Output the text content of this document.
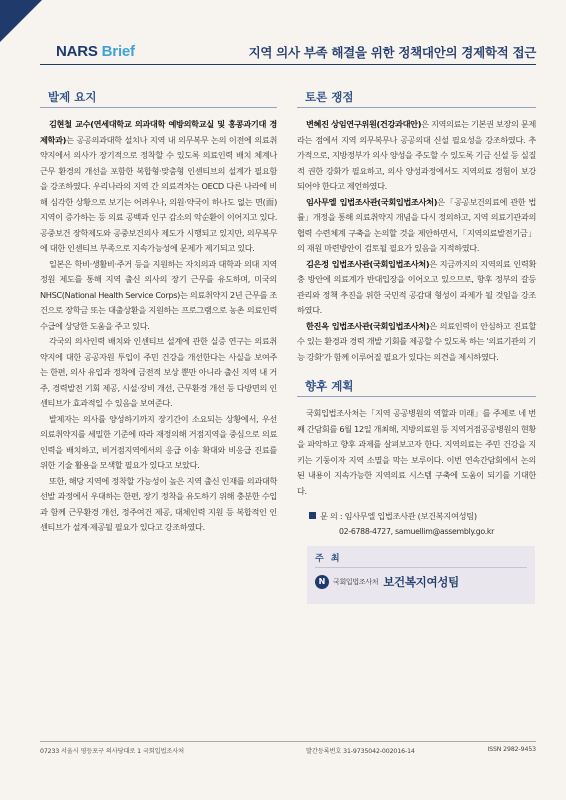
NARS Brief	지역 의사 부족 해결을 위한 정책대안의 경제학적 접근
발제 요지

김현철 교수(연세대학교 의과대학 예방의학교실 및 홍콩과기대 경제학과)는 공공의과대학 설치나 지역 내 의무복무 논의 이전에 의료취약지에서 의사가 장기적으로 정착할 수 있도록 의료인력 배치 체계나 근무 환경의 개선을 포함한 복합형·맞춤형 인센티브의 설계가 필요함을 강조하였다. 우리나라의 지역 간 의료격차는 OECD 다른 나라에 비해 심각한 상황으로 보기는 어려우나, 의원·약국이 하나도 없는 면(面) 지역이 증가하는 등 의료 공백과 인구 감소의 악순환이 이어지고 있다. 공중보건 장학제도와 공중보건의사 제도가 시행되고 있지만, 의무복무에 대한 인센티브 부족으로 지속가능성에 문제가 제기되고 있다.

일본은 학비·생활비·주거 등을 지원하는 자치의과 대학과 의대 지역정원 제도를 통해 지역 출신 의사의 장기 근무를 유도하며, 미국의 NHSC(National Health Service Corps)는 의료취약지 2년 근무를 조건으로 장학금 또는 대출상환을 지원하는 프로그램으로 농촌 의료인력 수급에 상당한 도움을 주고 있다.

각국의 의사인력 배치와 인센티브 설계에 관한 실증 연구는 의료취약지에 대한 공공자원 투입이 주민 건강을 개선한다는 사실을 보여주는 한편, 의사 유입과 정착에 금전적 보상 뿐만 아니라 출신 지역 내 거주, 경력발전 기회 제공, 시설·장비 개선, 근무환경 개선 등 다방면의 인센티브가 효과적일 수 있음을 보여준다.

발제자는 의사를 양성하기까지 장기간이 소요되는 상황에서, 우선 의료취약지를 세밀한 기준에 따라 재정의해 거점지역을 중심으로 의료인력을 배치하고, 비거점지역에서의 응급 이송 확대와 비응급 진료를 위한 기술 활용을 모색할 필요가 있다고 보았다.

또한, 해당 지역에 정착할 가능성이 높은 지역 출신 인재를 의과대학 선발 과정에서 우대하는 한편, 장기 정착을 유도하기 위해 충분한 수입과 함께 근무환경 개선, 정주여건 제공, 대체인력 지원 등 복합적인 인센티브가 설계·제공될 필요가 있다고 강조하였다.

토론 쟁점

변혜진 상임연구위원(건강과대안)은 지역의료는 기본권 보장의 문제라는 점에서 지역 의무복무나 공공의대 신설 필요성을 강조하였다. 추가적으로, 지방정부가 의사 양성을 주도할 수 있도록 기금 신설 등 실질적 권한 강화가 필요하고, 의사 양성과정에서도 지역의료 경험이 보강되어야 한다고 제언하였다.

임사무엘 입법조사관(국회입법조사처)은「공공보건의료에 관한 법률」개정을 통해 의료취약지 개념을 다시 정의하고, 지역 의료기관과의 협력 수련체계 구축을 논의할 것을 제안하면서,「지역의료발전기금」의 재원 마련방안이 검토될 필요가 있음을 지적하였다.

김은정 입법조사관(국회입법조사처)은 지금까지의 지역의료 인력확충 방안에 의료계가 반대입장을 이어오고 있으므로, 향후 정부의 갈등관리와 정책 추진을 위한 국민적 공감대 형성이 과제가 될 것임을 강조하였다.

한진옥 입법조사관(국회입법조사처)은 의료인력이 안심하고 진료할 수 있는 환경과 경력 개발 기회를 제공할 수 있도록 하는 '의료기관의 기능 강화'가 함께 이루어질 필요가 있다는 의견을 제시하였다.

향후 계획

국회입법조사처는「지역 공공병원의 역할과 미래」를 주제로 네 번째 간담회를 6월 12일 개최해, 지방의료원 등 지역거점공공병원의 현황을 파악하고 향후 과제를 살펴보고자 한다. 지역의료는 주민 건강을 지키는 기둥이자 지역 소멸을 막는 보루이다. 이번 연속간담회에서 논의된 내용이 지속가능한 지역의료 시스템 구축에 도움이 되기를 기대한다.

문 의 : 임사무엘 입법조사관 (보건복지여성팀)
02-6788-4727, samuellim@assembly.go.kr
주 최
N	국회입법조사처 보건복지여성팀
07233 서울시 영등포구 의사당대로 1 국회입법조사처	발간등록번호 31-9735042-002016-14	ISSN 2982-9453
